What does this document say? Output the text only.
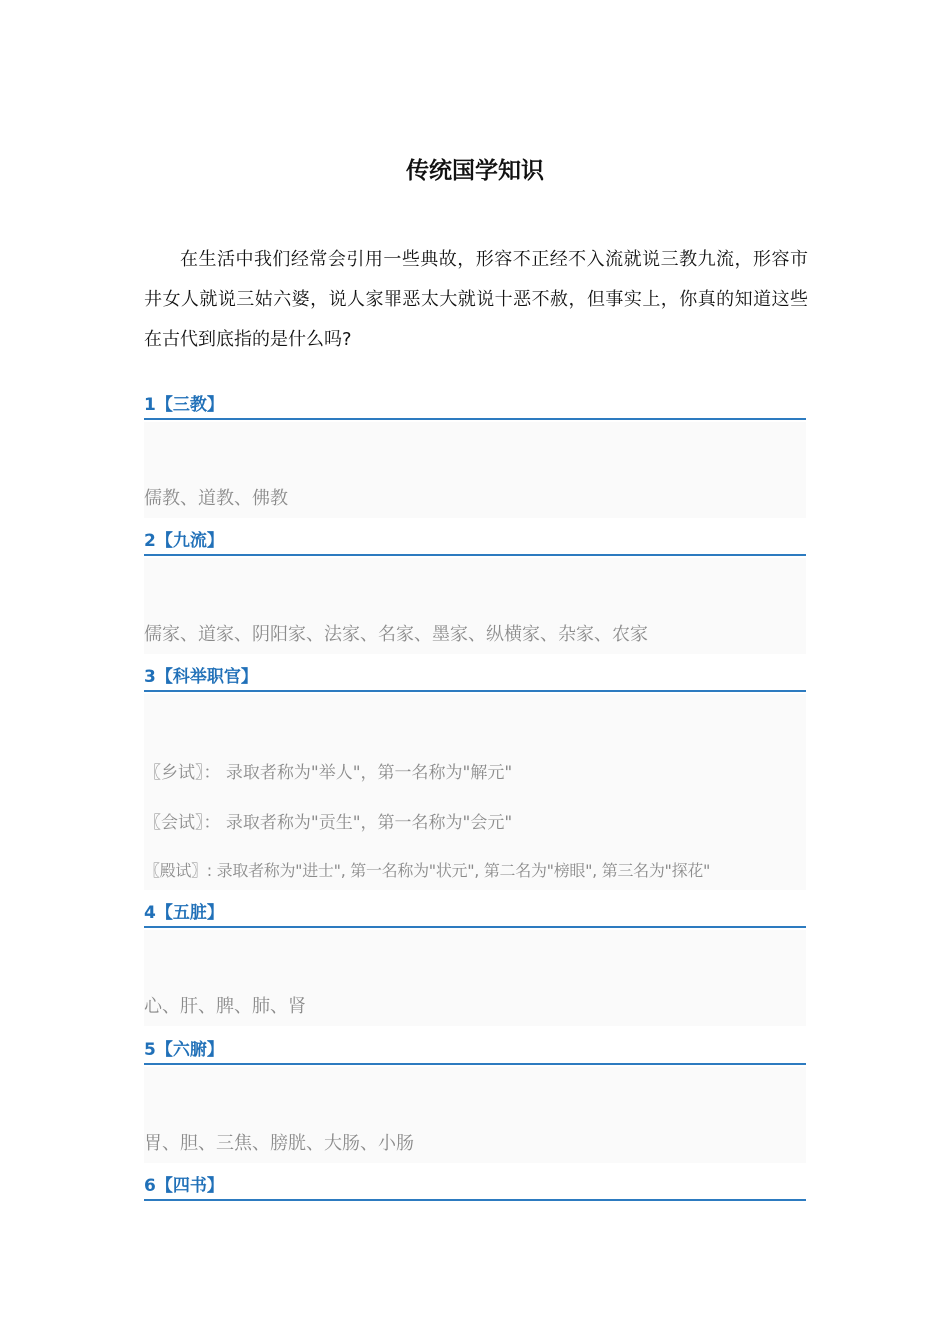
传统国学知识
在生活中我们经常会引用一些典故，形容不正经不入流就说三教九流，形容市井女人就说三姑六婆，说人家罪恶太大就说十恶不赦，但事实上，你真的知道这些在古代到底指的是什么吗?
1【三教】
儒教、道教、佛教
2【九流】
儒家、道家、阴阳家、法家、名家、墨家、纵横家、杂家、农家
3【科举职官】
〖乡试〗： 录取者称为"举人"，第一名称为"解元"
〖会试〗： 录取者称为"贡生"，第一名称为"会元"
〖殿试〗: 录取者称为"进士", 第一名称为"状元", 第二名为"榜眼", 第三名为"探花"
4【五脏】
心、肝、脾、肺、肾
5【六腑】
胃、胆、三焦、膀胱、大肠、小肠
6【四书】
